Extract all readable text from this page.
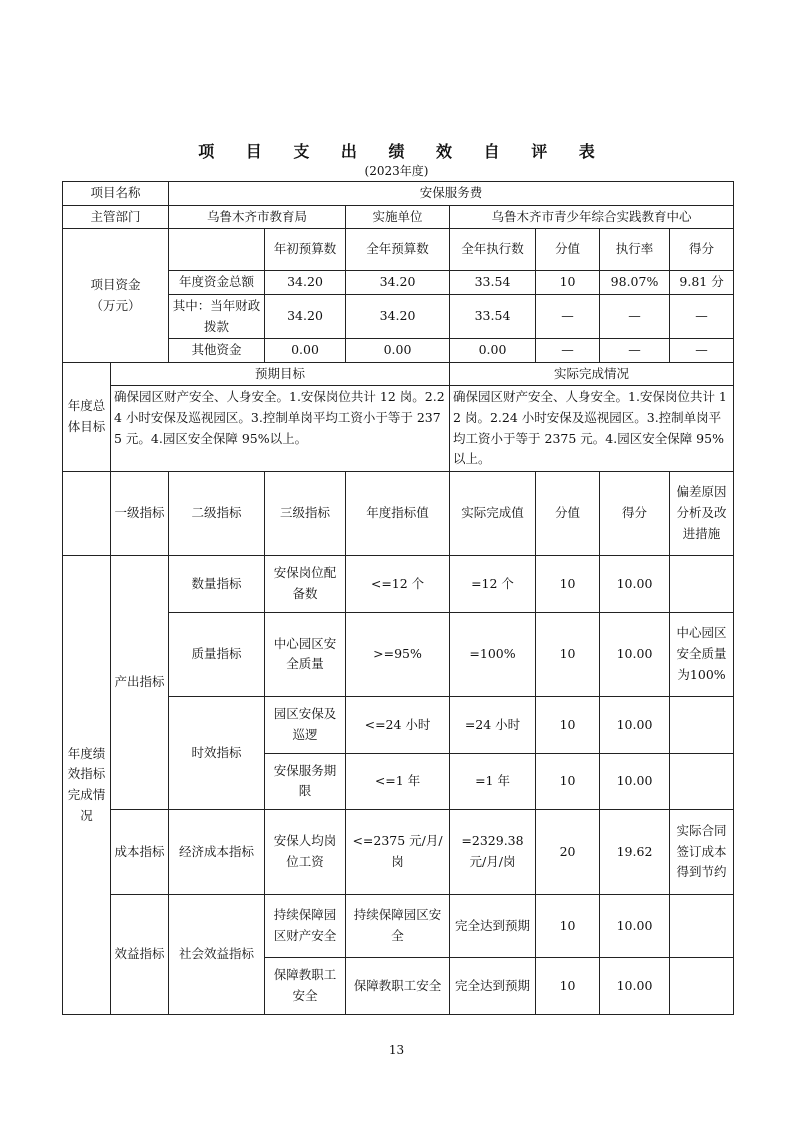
项 目 支 出 绩 效 自 评 表
(2023年度)
项目名称		安保服务费						
主管部门		乌鲁木齐市教育局		实施单位	乌鲁木齐市青少年综合实践教育中心			
项目资金
（万元）			年初预算数	全年预算数	全年执行数	分值	执行率	得分
		年度资金总额	34.20	34.20	33.54	10	98.07%	9.81 分
		其中：当年财政拨款	34.20	34.20	33.54	—	—	—
		其他资金	0.00	0.00	0.00	—	—	—
年度总体目标	预期目标				实际完成情况			
	确保园区财产安全、人身安全。1.安保岗位共计 12 岗。2.24 小时安保及巡视园区。3.控制单岗平均工资小于等于 2375 元。4.园区安全保障 95%以上。				确保园区财产安全、人身安全。1.安保岗位共计 12 岗。2.24 小时安保及巡视园区。3.控制单岗平均工资小于等于 2375 元。4.园区安全保障 95%以上。			
	一级指标	二级指标	三级指标	年度指标值	实际完成值	分值	得分	偏差原因分析及改进措施
年度绩效指标完成情况	产出指标	数量指标	安保岗位配备数	<=12 个	=12 个	10	10.00	
		质量指标	中心园区安全质量	>=95%	=100%	10	10.00	中心园区安全质量为100%
		时效指标	园区安保及巡逻	<=24 小时	=24 小时	10	10.00	
			安保服务期限	<=1 年	=1 年	10	10.00	
	成本指标	经济成本指标	安保人均岗位工资	<=2375 元/月/岗	=2329.38 元/月/岗	20	19.62	实际合同签订成本得到节约
	效益指标	社会效益指标	持续保障园区财产安全	持续保障园区安全	完全达到预期	10	10.00	
			保障教职工安全	保障教职工安全	完全达到预期	10	10.00	
13
